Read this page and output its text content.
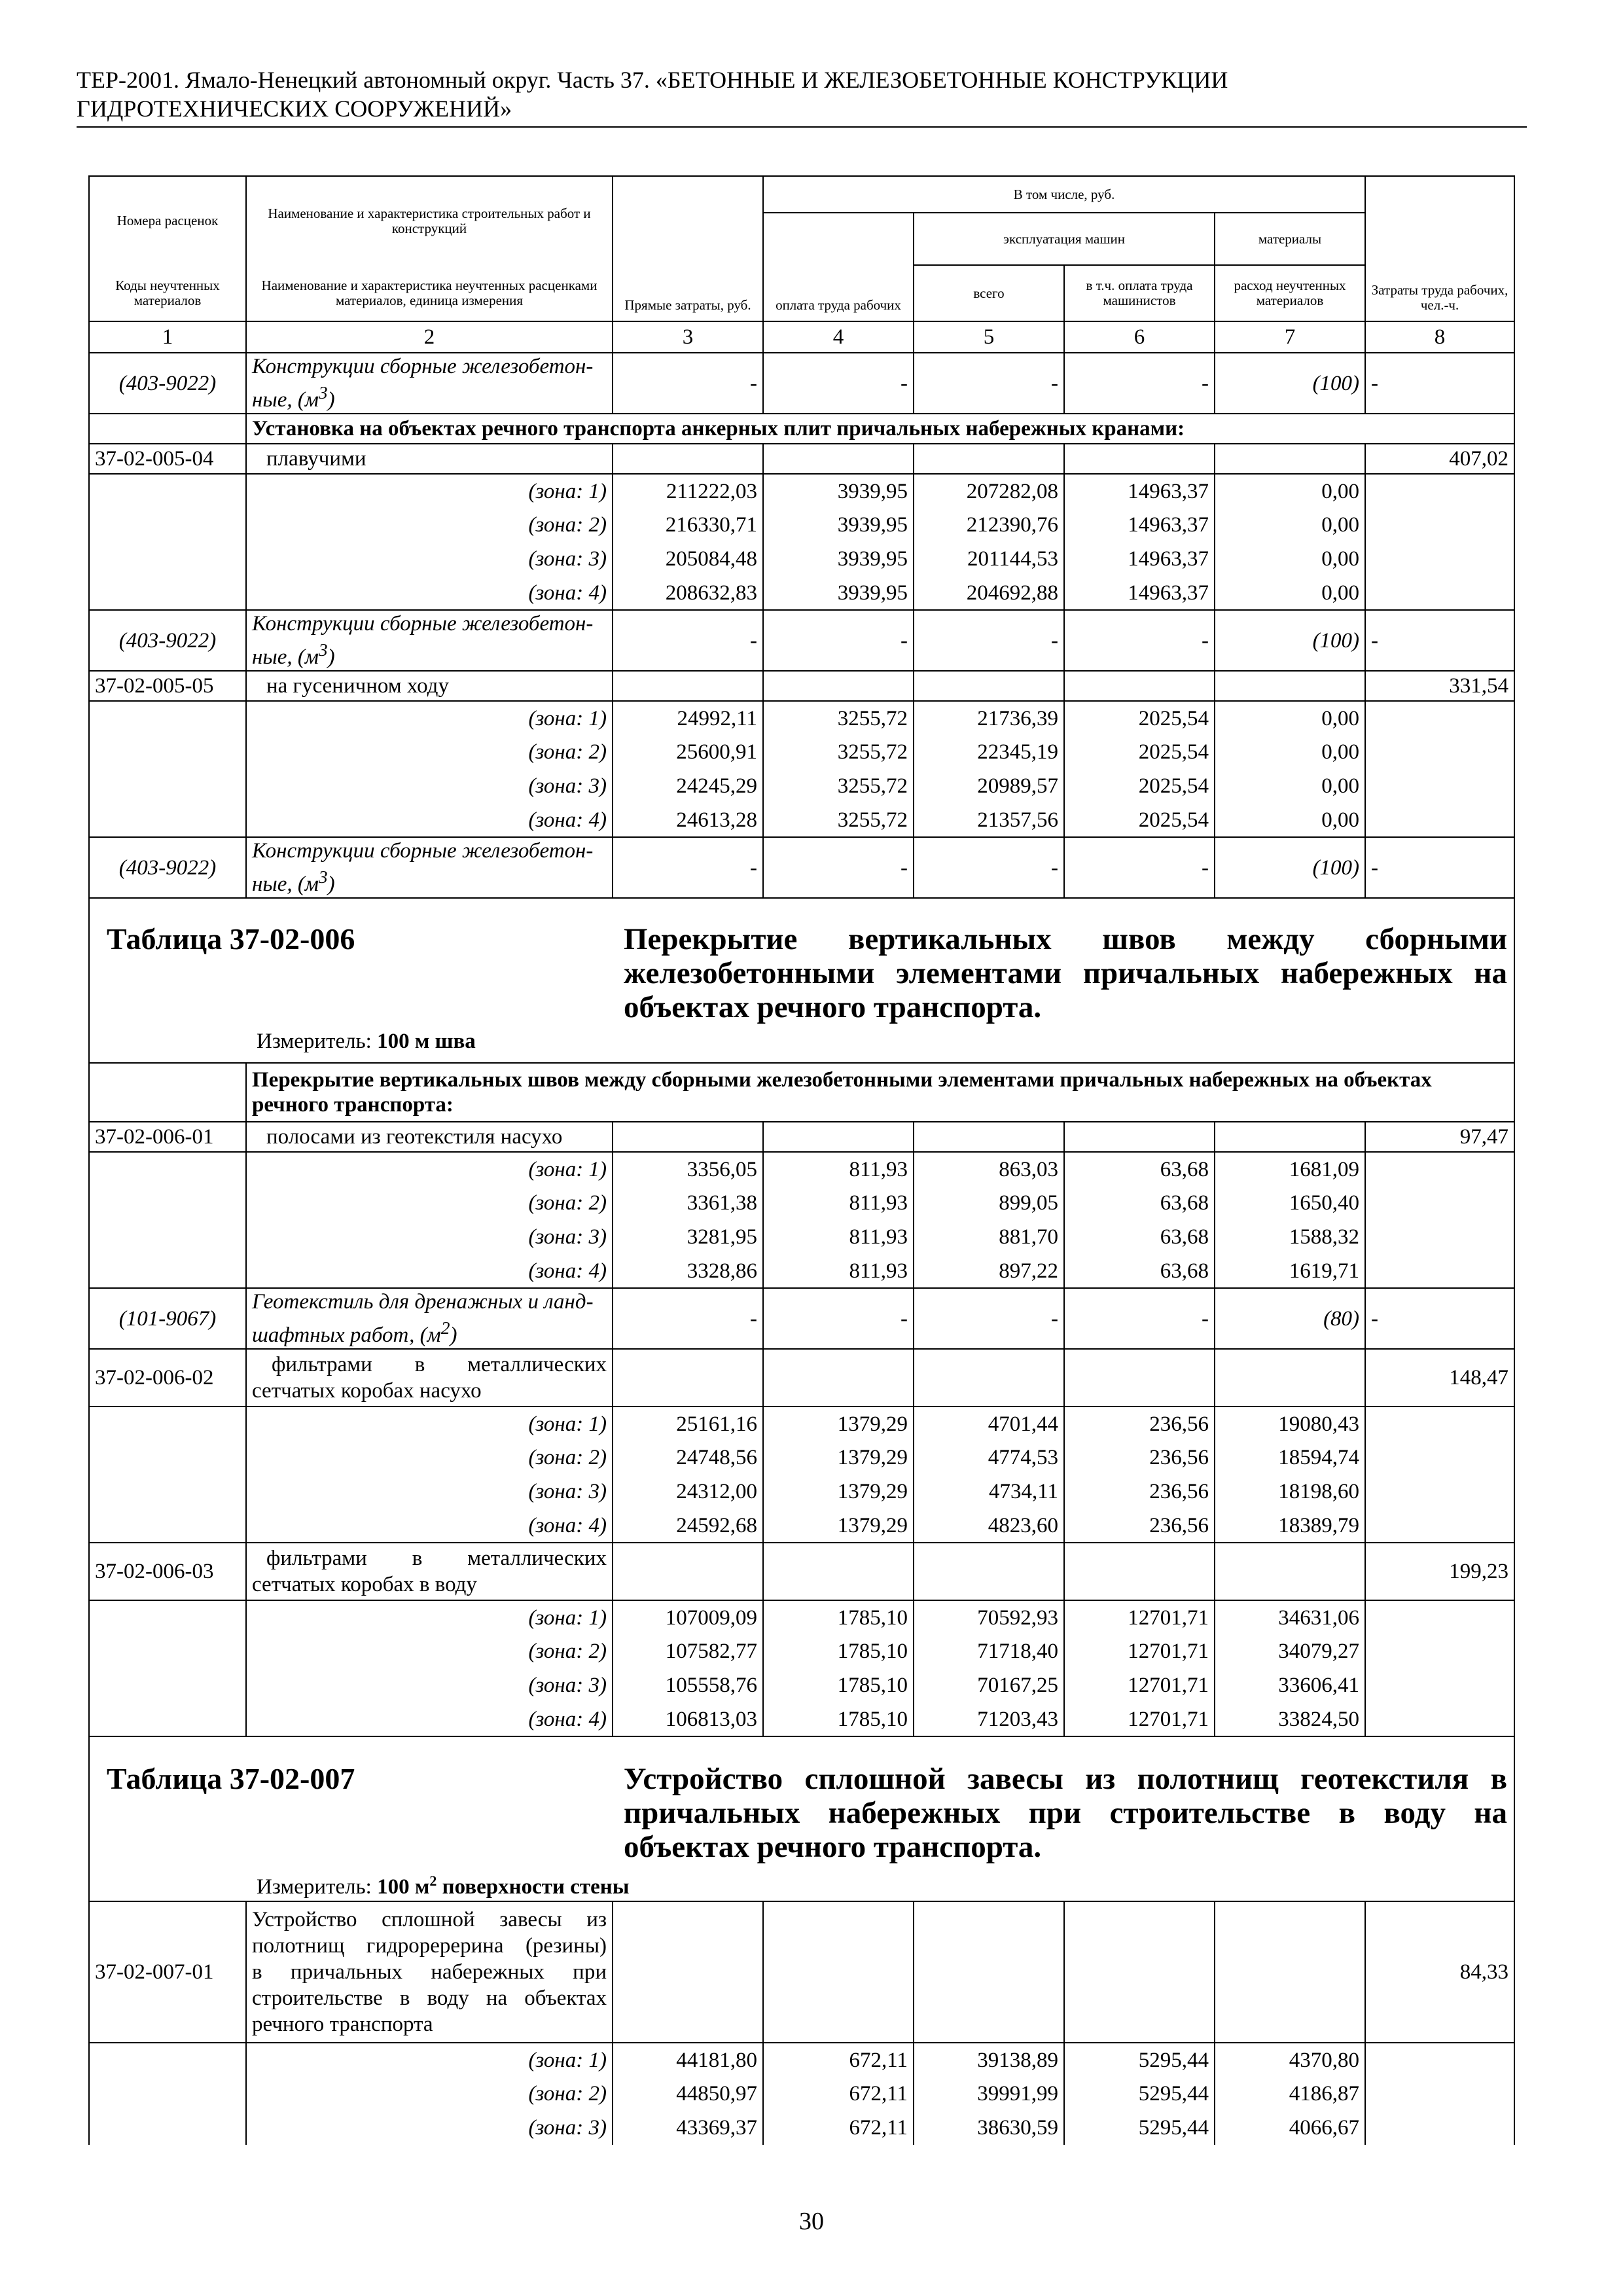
ТЕР-2001. Ямало-Ненецкий автономный округ. Часть 37. «БЕТОННЫЕ И ЖЕЛЕЗОБЕТОННЫЕ КОНСТРУКЦИИ
ГИДРОТЕХНИЧЕСКИХ СООРУЖЕНИЙ»
Номера расценок	Наименование и характеристика строительных работ и конструкций	Прямые затраты, руб.	В том числе, руб.				Затраты труда рабочих, чел.-ч.
			оплата труда рабочих	эксплуатация машин		материалы	
Коды неучтенных материалов	Наименование и характеристика неучтенных расценками материалов, единица измерения			всего	в т.ч. оплата труда машинистов	расход неучтенных материалов	
1	2	3	4	5	6	7	8
(403-9022)	Конструкции сборные железобетон-
ные, $(м^3)$	-	-	-	-	(100)	-
	Установка на объектах речного транспорта анкерных плит причальных набережных кранами:						
37-02-005-04	плавучими						407,02
	(зона: 1)	211222,03	3939,95	207282,08	14963,37	0,00	
	(зона: 2)	216330,71	3939,95	212390,76	14963,37	0,00	
	(зона: 3)	205084,48	3939,95	201144,53	14963,37	0,00	
	(зона: 4)	208632,83	3939,95	204692,88	14963,37	0,00	
(403-9022)	Конструкции сборные железобетон-
ные, $(м^3)$	-	-	-	-	(100)	-
37-02-005-05	на гусеничном ходу						331,54
	(зона: 1)	24992,11	3255,72	21736,39	2025,54	0,00	
	(зона: 2)	25600,91	3255,72	22345,19	2025,54	0,00	
	(зона: 3)	24245,29	3255,72	20989,57	2025,54	0,00	
	(зона: 4)	24613,28	3255,72	21357,56	2025,54	0,00	
(403-9022)	Конструкции сборные железобетон-
ные, $(м^3)$	-	-	-	-	(100)	-

Таблица 37-02-006 Перекрытие вертикальных швов между сборными железобетонными элементами причальных набережных на объектах речного транспорта.
Измеритель: 100 м шва							

	Перекрытие вертикальных швов между сборными железобетонными элементами причальных набережных на объектах речного транспорта:						
37-02-006-01	полосами из геотекстиля насухо						97,47
	(зона: 1)	3356,05	811,93	863,03	63,68	1681,09	
	(зона: 2)	3361,38	811,93	899,05	63,68	1650,40	
	(зона: 3)	3281,95	811,93	881,70	63,68	1588,32	
	(зона: 4)	3328,86	811,93	897,22	63,68	1619,71	
(101-9067)	Геотекстиль для дренажных и ланд-
шафтных работ, $(м^2)$	-	-	-	-	(80)	-
37-02-006-02	фильтрами в металлических
сетчатых коробах насухо						148,47
	(зона: 1)	25161,16	1379,29	4701,44	236,56	19080,43	
	(зона: 2)	24748,56	1379,29	4774,53	236,56	18594,74	
	(зона: 3)	24312,00	1379,29	4734,11	236,56	18198,60	
	(зона: 4)	24592,68	1379,29	4823,60	236,56	18389,79	
37-02-006-03	фильтрами в металлических
сетчатых коробах в воду						199,23
	(зона: 1)	107009,09	1785,10	70592,93	12701,71	34631,06	
	(зона: 2)	107582,77	1785,10	71718,40	12701,71	34079,27	
	(зона: 3)	105558,76	1785,10	70167,25	12701,71	33606,41	
	(зона: 4)	106813,03	1785,10	71203,43	12701,71	33824,50	

Таблица 37-02-007 Устройство сплошной завесы из полотнищ геотекстиля в причальных набережных при строительстве в воду на объектах речного транспорта.
Измеритель: 100 $м^2$ поверхности стены							

37-02-007-01	Устройство сплошной завесы из
полотнищ гидроререрина (резины)
в причальных набережных при
строительстве в воду на объектах
речного транспорта						84,33
	(зона: 1)	44181,80	672,11	39138,89	5295,44	4370,80	
	(зона: 2)	44850,97	672,11	39991,99	5295,44	4186,87	
	(зона: 3)	43369,37	672,11	38630,59	5295,44	4066,67	
30
